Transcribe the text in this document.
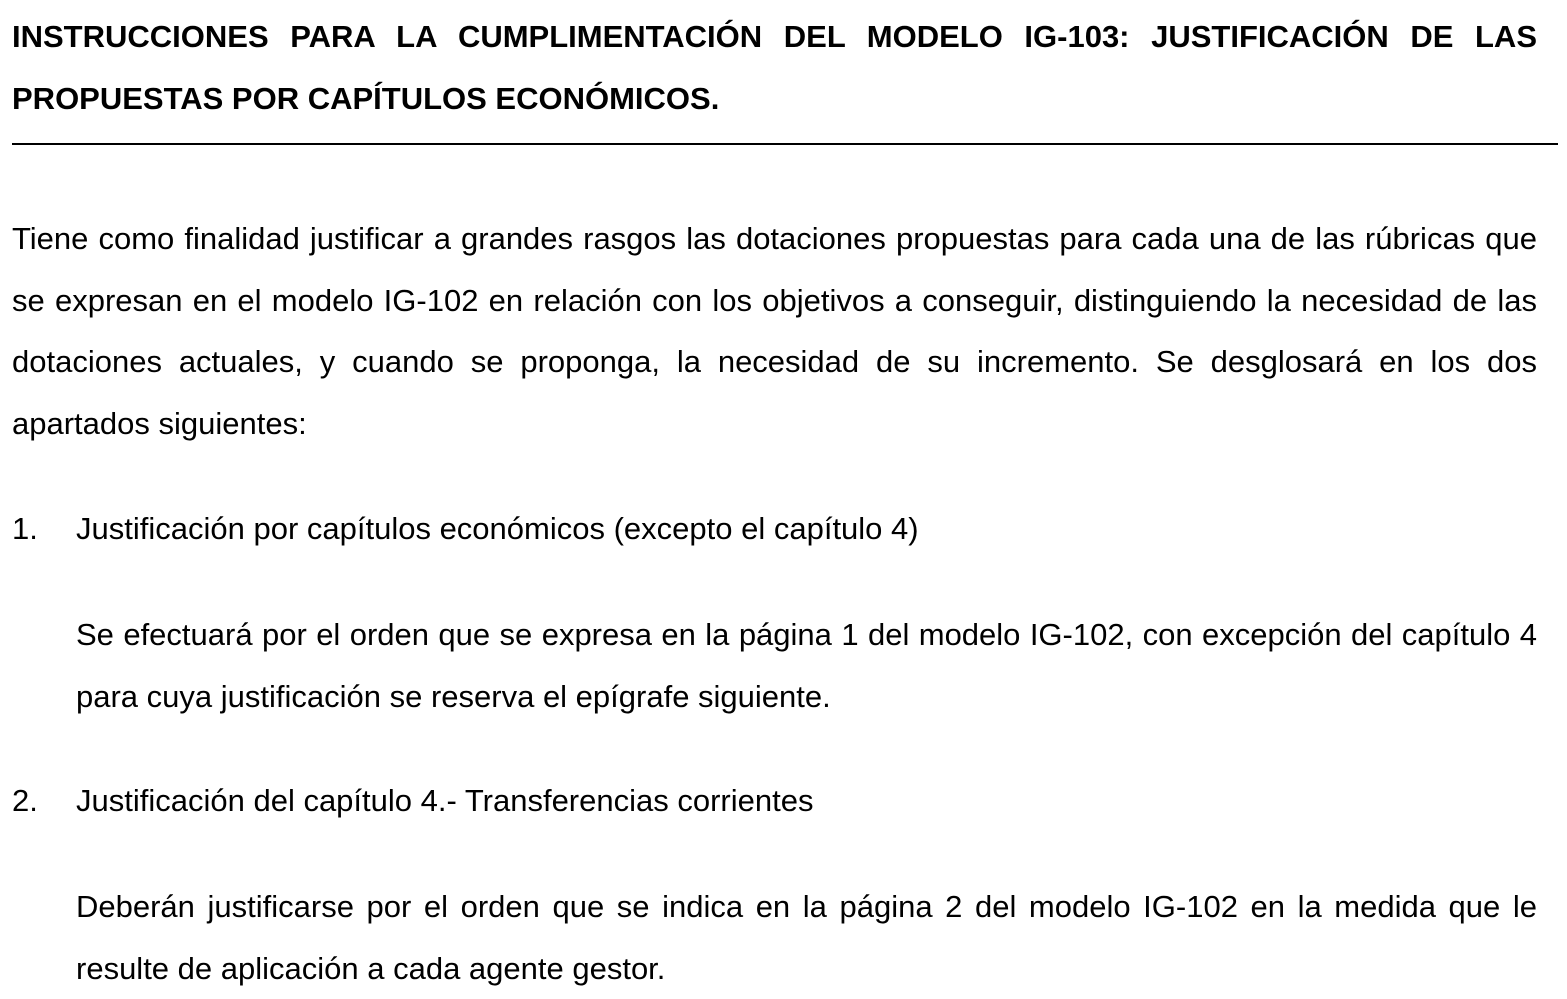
INSTRUCCIONES PARA LA CUMPLIMENTACIÓN DEL MODELO IG-103: JUSTIFICACIÓN DE LAS PROPUESTAS POR CAPÍTULOS ECONÓMICOS.

Tiene como finalidad justificar a grandes rasgos las dotaciones propuestas para cada una de las rúbricas que se expresan en el modelo IG-102 en relación con los objetivos a conseguir, distinguiendo la necesidad de las dotaciones actuales, y cuando se proponga, la necesidad de su incremento. Se desglosará en los dos apartados siguientes:

1. Justificación por capítulos económicos (excepto el capítulo 4)

Se efectuará por el orden que se expresa en la página 1 del modelo IG-102, con excepción del capítulo 4 para cuya justificación se reserva el epígrafe siguiente.

2. Justificación del capítulo 4.- Transferencias corrientes

Deberán justificarse por el orden que se indica en la página 2 del modelo IG-102 en la medida que le resulte de aplicación a cada agente gestor.
